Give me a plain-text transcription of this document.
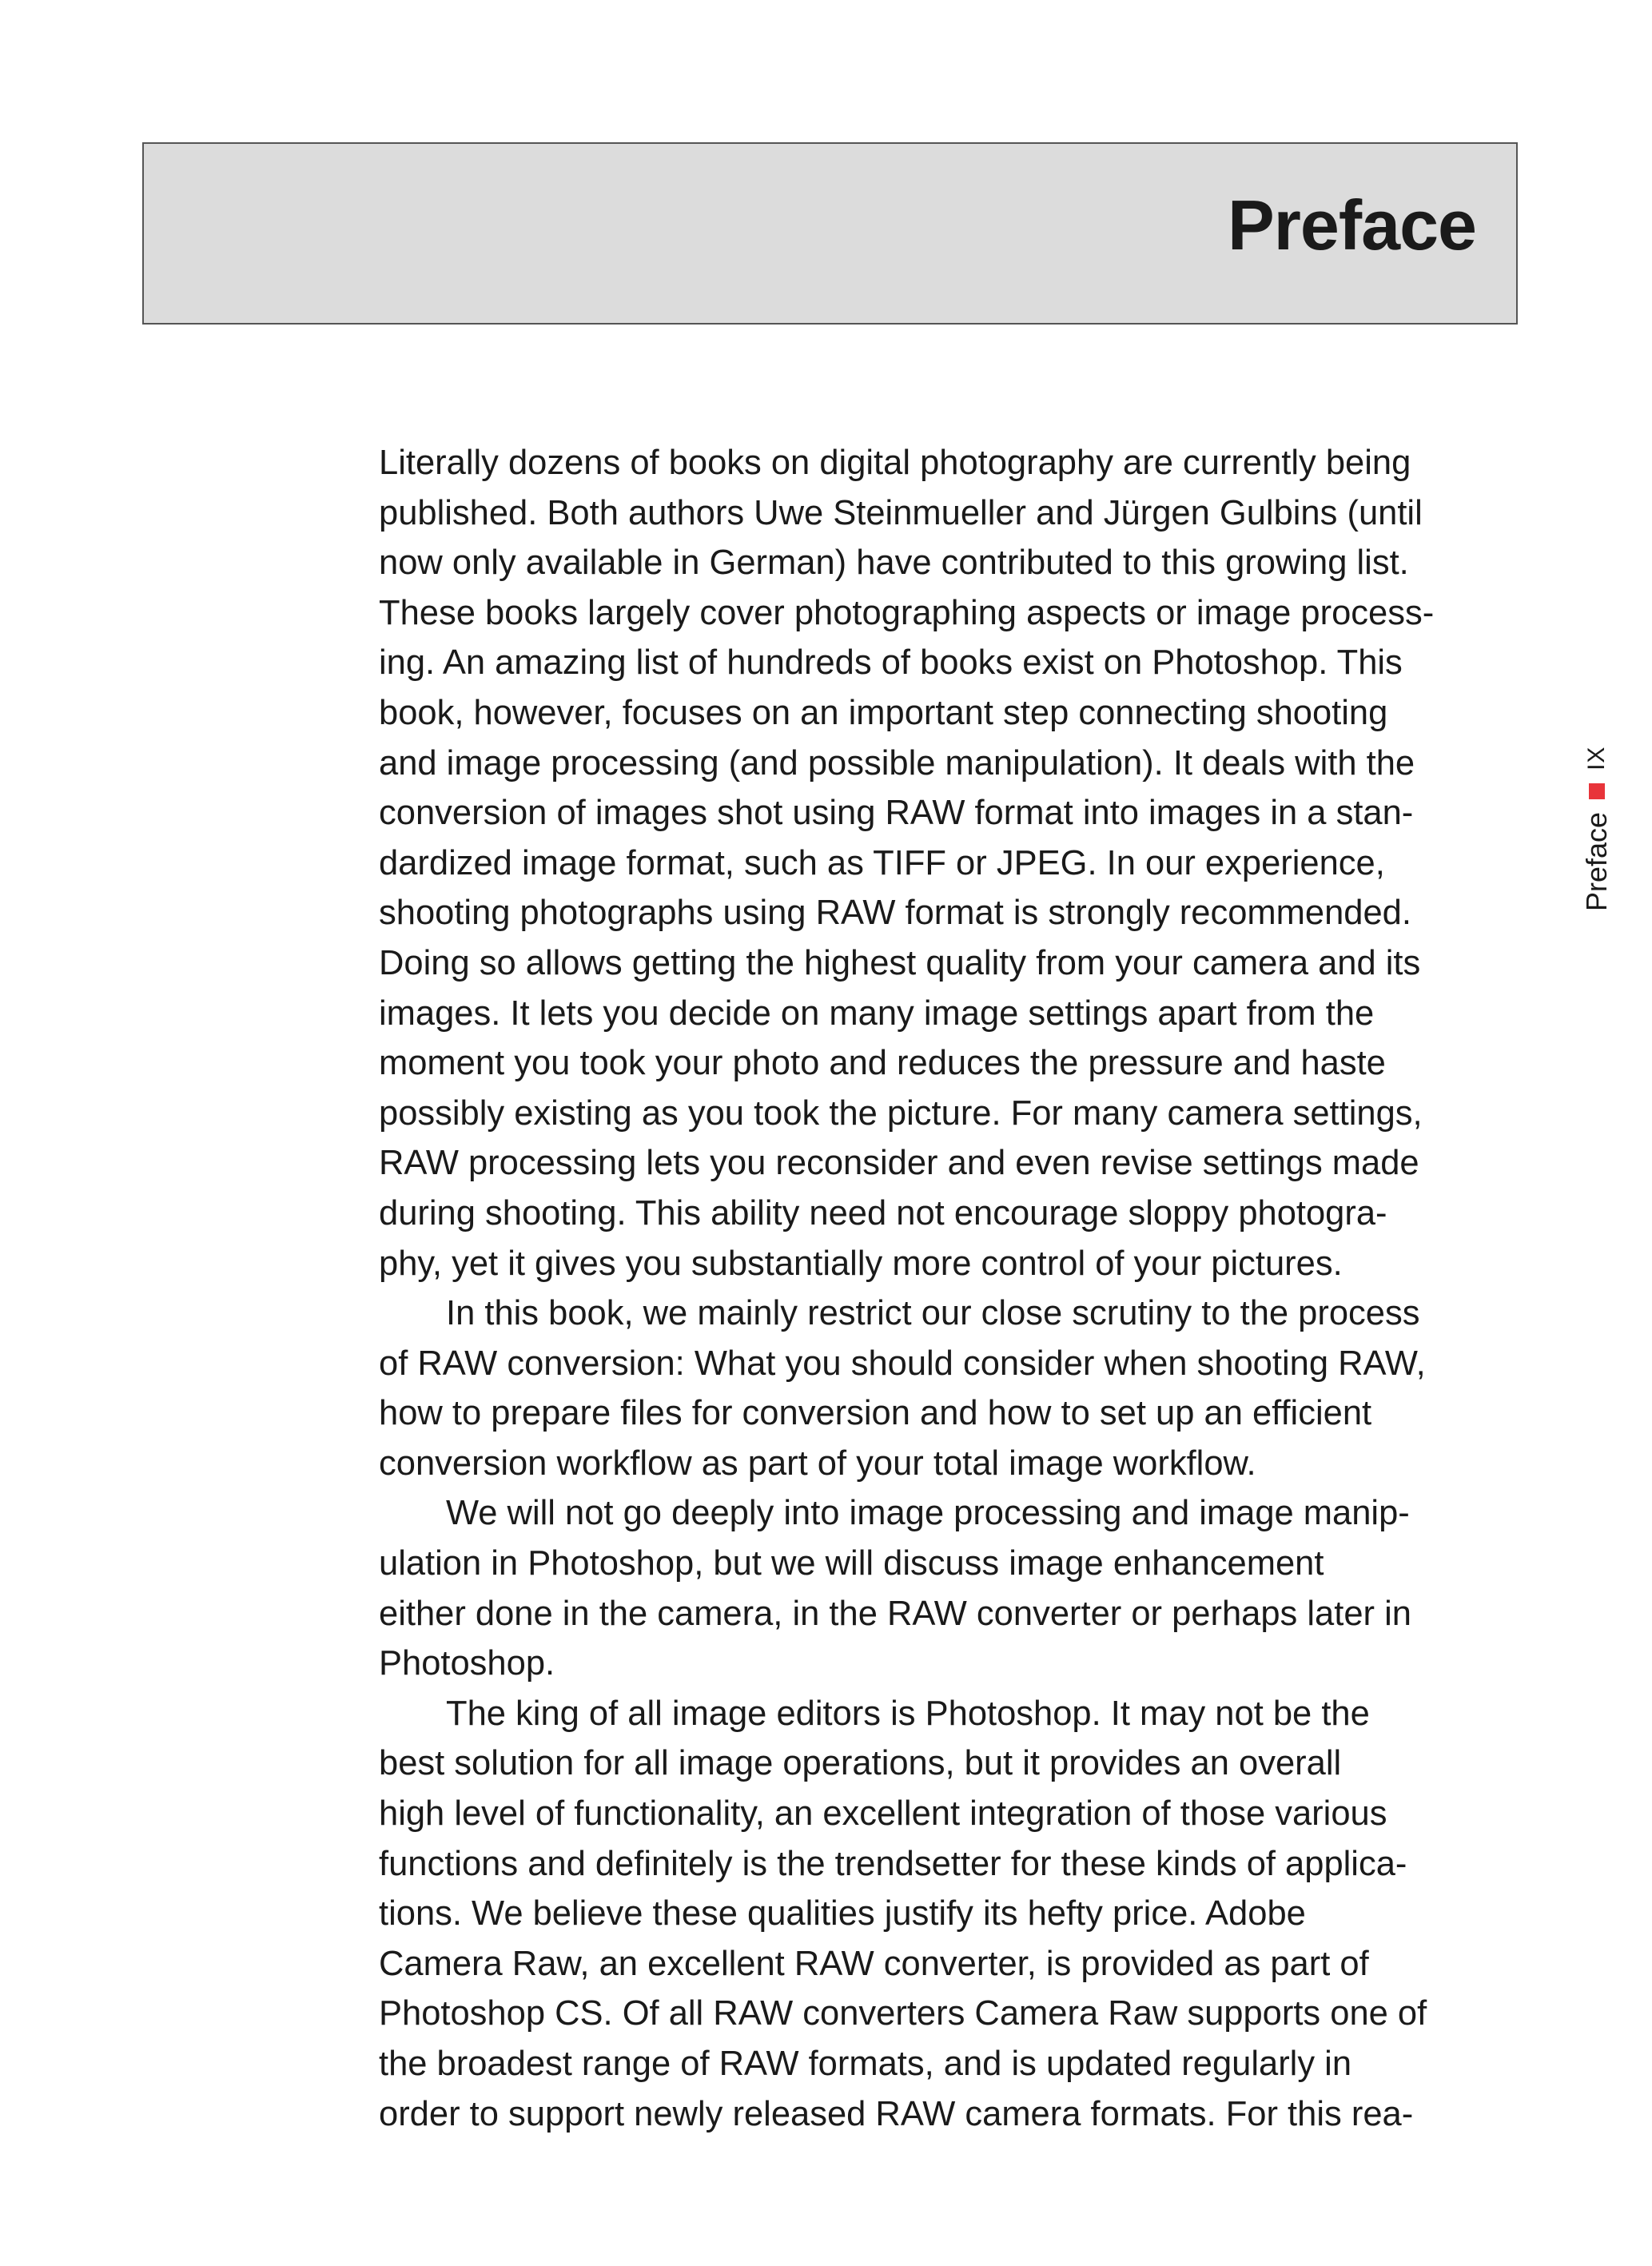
Preface
Preface
IX
Literally dozens of books on digital photography are currently being
published. Both authors Uwe Steinmueller and Jürgen Gulbins (until
now only available in German) have contributed to this growing list.
These books largely cover photographing aspects or image process-
ing. An amazing list of hundreds of books exist on Photoshop. This
book, however, focuses on an important step connecting shooting
and image processing (and possible manipulation). It deals with the
conversion of images shot using RAW format into images in a stan-
dardized image format, such as TIFF or JPEG. In our experience,
shooting photographs using RAW format is strongly recommended.
Doing so allows getting the highest quality from your camera and its
images. It lets you decide on many image settings apart from the
moment you took your photo and reduces the pressure and haste
possibly existing as you took the picture. For many camera settings,
RAW processing lets you reconsider and even revise settings made
during shooting. This ability need not encourage sloppy photogra-
phy, yet it gives you substantially more control of your pictures.
In this book, we mainly restrict our close scrutiny to the process
of RAW conversion: What you should consider when shooting RAW,
how to prepare files for conversion and how to set up an efficient
conversion workflow as part of your total image workflow.
We will not go deeply into image processing and image manip-
ulation in Photoshop, but we will discuss image enhancement
either done in the camera, in the RAW converter or perhaps later in
Photoshop.
The king of all image editors is Photoshop. It may not be the
best solution for all image operations, but it provides an overall
high level of functionality, an excellent integration of those various
functions and definitely is the trendsetter for these kinds of applica-
tions. We believe these qualities justify its hefty price. Adobe
Camera Raw, an excellent RAW converter, is provided as part of
Photoshop CS. Of all RAW converters Camera Raw supports one of
the broadest range of RAW formats, and is updated regularly in
order to support newly released RAW camera formats. For this rea-
